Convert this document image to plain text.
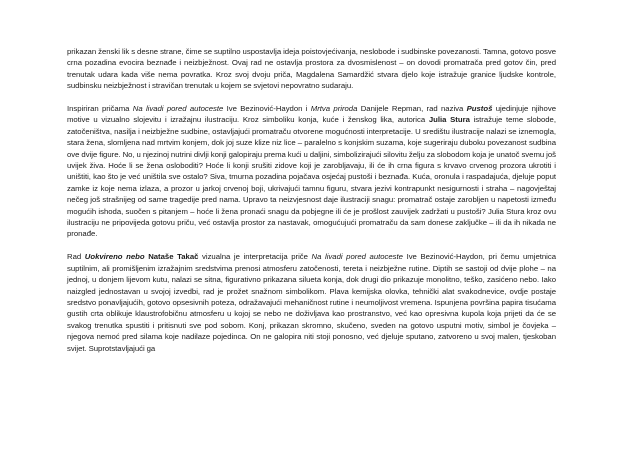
prikazan ženski lik s desne strane, čime se suptilno uspostavlja ideja poistovjećivanja, neslobode i sudbinske povezanosti. Tamna, gotovo posve crna pozadina evocira beznađe i neizbježnost. Ovaj rad ne ostavlja prostora za dvosmislenost – on dovodi promatrača pred gotov čin, pred trenutak udara kada više nema povratka. Kroz svoj dvoju priča, Magdalena Samardžić stvara djelo koje istražuje granice ljudske kontrole, sudbinsku neizbježnost i stravičan trenutak u kojem se svjetovi nepovratno sudaraju.

Inspiriran pričama Na livadi pored autoceste Ive Bezinović-Haydon i Mrtva priroda Danijele Repman, rad naziva Pustoš ujedinjuje njihove motive u vizualno slojevitu i izražajnu ilustraciju. Kroz simboliku konja, kuće i ženskog lika, autorica Julia Stura istražuje teme slobode, zatočeništva, nasilja i neizbježne sudbine, ostavljajući promatraču otvorene mogućnosti interpretacije. U središtu ilustracije nalazi se iznemogla, stara žena, slomljena nad mrtvim konjem, dok joj suze klize niz lice – paralelno s konjskim suzama, koje sugeriraju duboku povezanost sudbina ove dvije figure. No, u njezinoj nutrini divlji konji galopiraju prema kući u daljini, simbolizirajući silovitu želju za slobodom koja je unatoč svemu još uvijek živa. Hoće li se žena osloboditi? Hoće li konji srušiti zidove koji je zarobljavaju, ili će ih crna figura s krvavo crvenog prozora ukrotiti i uništiti, kao što je već uništila sve ostalo? Siva, tmurna pozadina pojačava osjećaj pustoši i beznađa. Kuća, oronula i raspadajuća, djeluje poput zamke iz koje nema izlaza, a prozor u jarkoj crvenoj boji, ukrivajući tamnu figuru, stvara jezivi kontrapunkt nesigurnosti i straha – nagovještaj nečeg još strašnijeg od same tragedije pred nama. Upravo ta neizvjesnost daje ilustraciji snagu: promatrač ostaje zarobljen u napetosti između mogućih ishoda, suočen s pitanjem – hoće li žena pronaći snagu da pobjegne ili će je prošlost zauvijek zadržati u pustoši? Julia Stura kroz ovu ilustraciju ne pripovijeda gotovu priču, već ostavlja prostor za nastavak, omogućujući promatraču da sam donese zaključke – ili da ih nikada ne pronađe.

Rad Uokvireno nebo Nataše Takač vizualna je interpretacija priče Na livadi pored autoceste Ive Bezinović-Haydon, pri čemu umjetnica suptilnim, ali promišljenim izražajnim sredstvima prenosi atmosferu zatočenosti, tereta i neizbježne rutine. Diptih se sastoji od dvije plohe – na jednoj, u donjem lijevom kutu, nalazi se sitna, figurativno prikazana silueta konja, dok drugi dio prikazuje monolitno, teško, zasićeno nebo. Iako naizgled jednostavan u svojoj izvedbi, rad je prožet snažnom simbolikom. Plava kemijska olovka, tehnički alat svakodnevice, ovdje postaje sredstvo ponavljajućih, gotovo opsesivnih poteza, odražavajući mehaničnost rutine i neumoljivost vremena. Ispunjena površina papira tisućama gustih crta oblikuje klaustrofobičnu atmosferu u kojoj se nebo ne doživljava kao prostranstvo, već kao opresivna kupola koja prijeti da će se svakog trenutka spustiti i pritisnuti sve pod sobom. Konj, prikazan skromno, skučeno, sveden na gotovo usputni motiv, simbol je čovjeka – njegova nemoć pred silama koje nadilaze pojedinca. On ne galopira niti stoji ponosno, već djeluje sputano, zatvoreno u svoj malen, tjeskoban svijet. Suprotstavljajući ga
